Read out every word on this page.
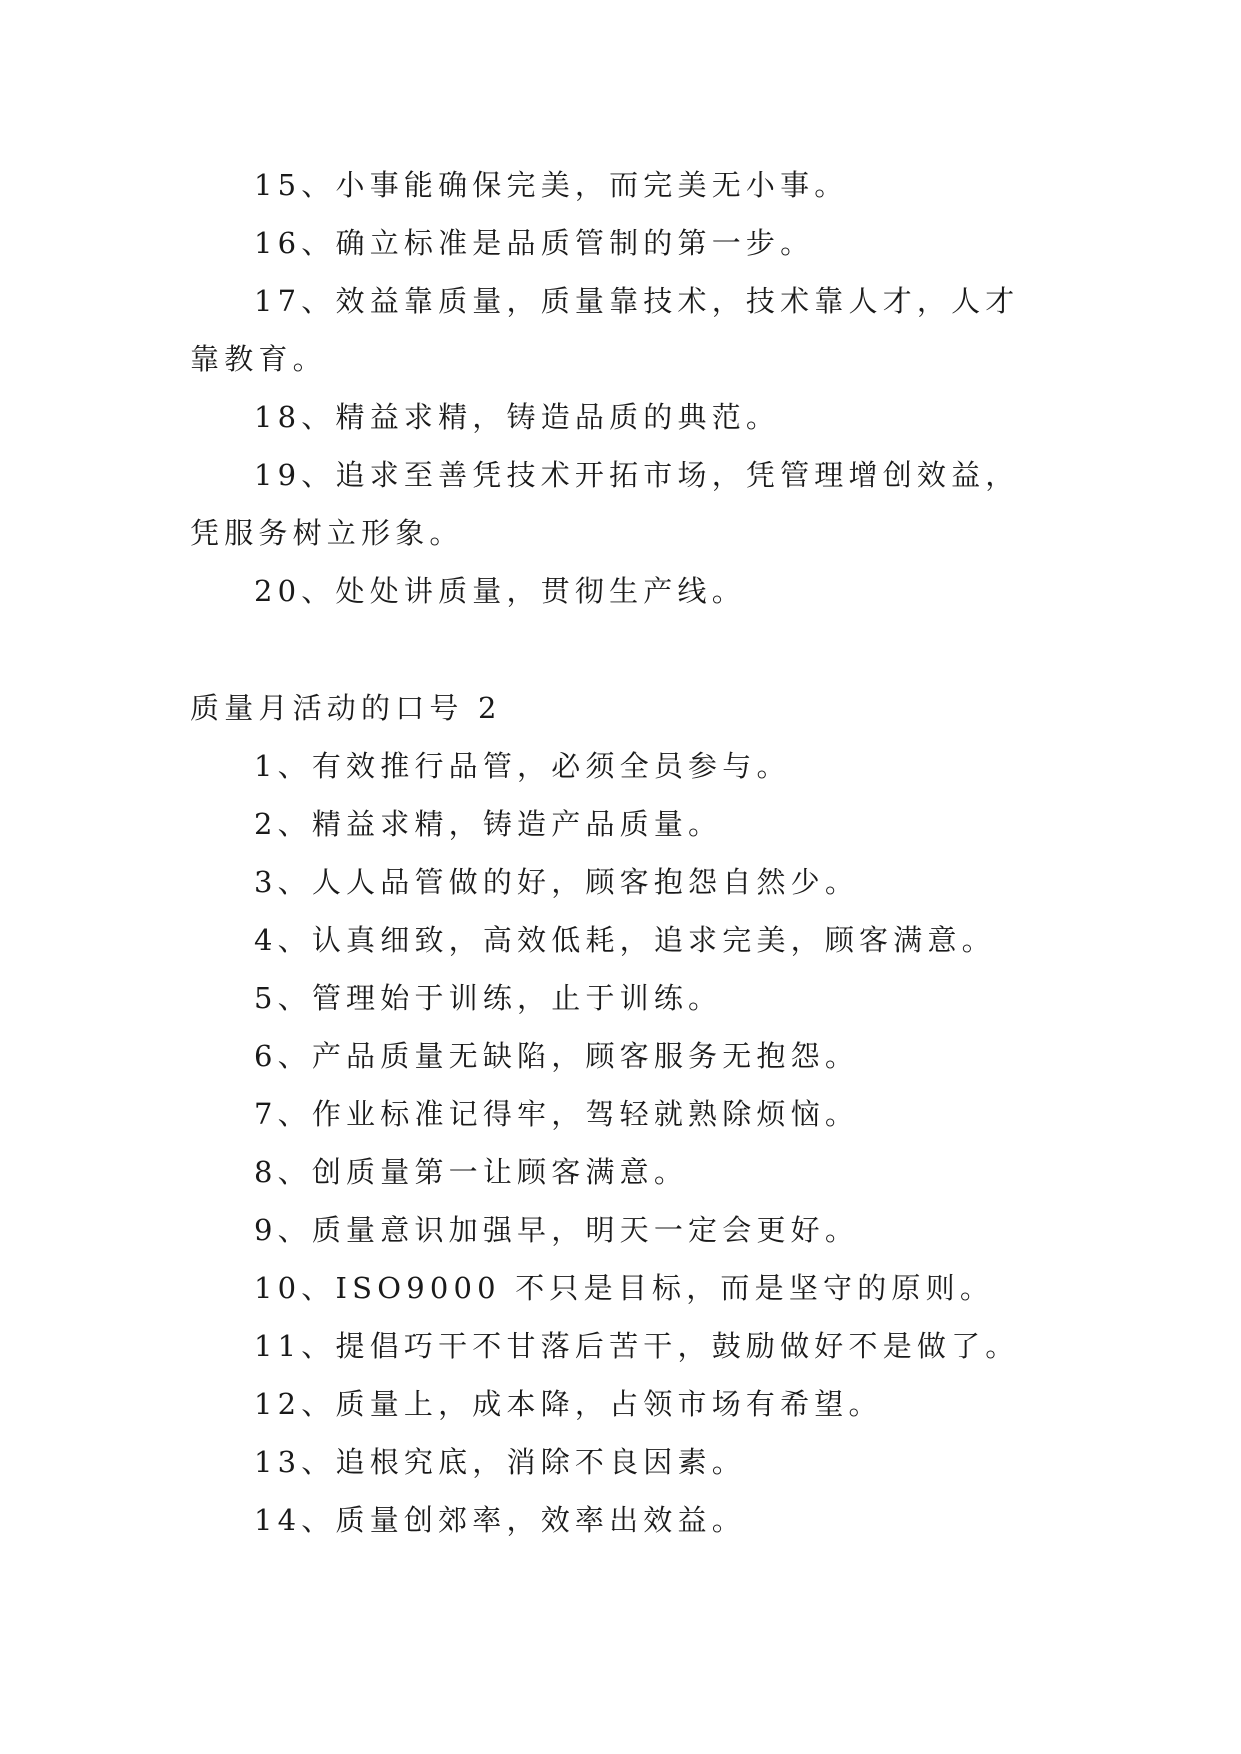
15、小事能确保完美，而完美无小事。

16、确立标准是品质管制的第一步。

17、效益靠质量，质量靠技术，技术靠人才，人才靠教育。

18、精益求精，铸造品质的典范。

19、追求至善凭技术开拓市场，凭管理增创效益，凭服务树立形象。

20、处处讲质量，贯彻生产线。

质量月活动的口号 2

1、有效推行品管，必须全员参与。

2、精益求精，铸造产品质量。

3、人人品管做的好，顾客抱怨自然少。

4、认真细致，高效低耗，追求完美，顾客满意。

5、管理始于训练，止于训练。

6、产品质量无缺陷，顾客服务无抱怨。

7、作业标准记得牢，驾轻就熟除烦恼。

8、创质量第一让顾客满意。

9、质量意识加强早，明天一定会更好。

10、ISO9000 不只是目标，而是坚守的原则。

11、提倡巧干不甘落后苦干，鼓励做好不是做了。

12、质量上，成本降，占领市场有希望。

13、追根究底，消除不良因素。

14、质量创郊率，效率出效益。
